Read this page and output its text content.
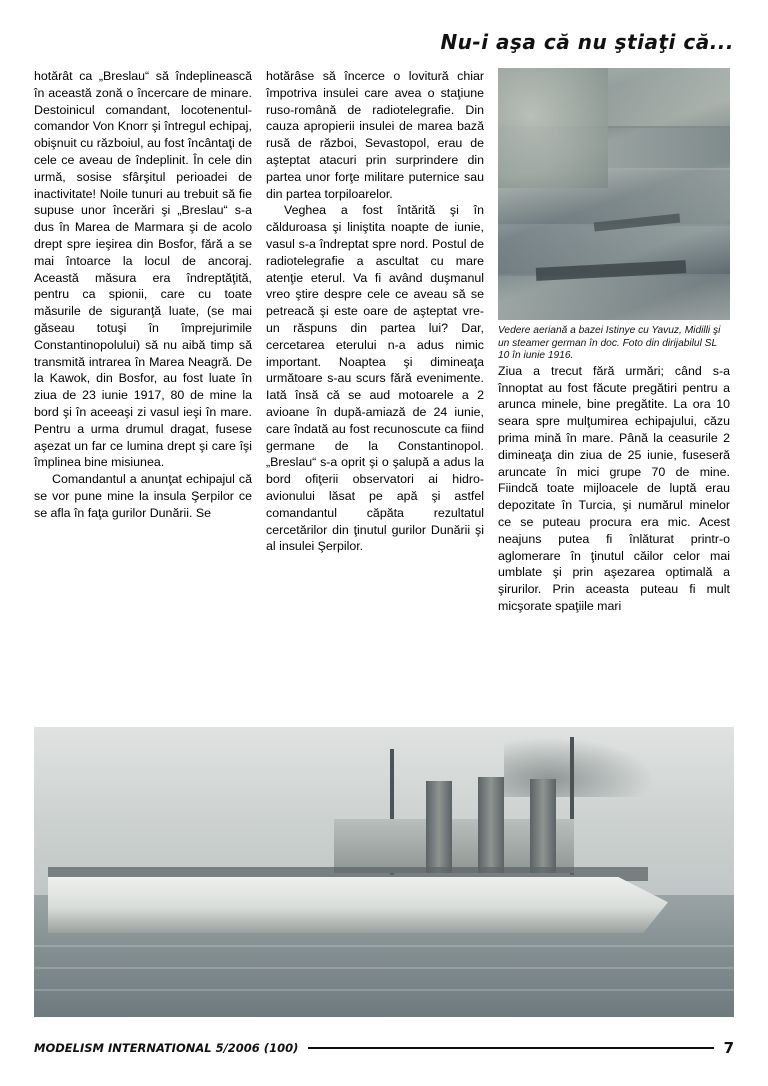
Nu-i aşa că nu ştiaţi că...

hotărât ca „Breslau“ să îndeplinească în această zonă o încercare de minare. Destoinicul comandant, locotenentul-comandor Von Knorr şi întregul echipaj, obişnuit cu războiul, au fost încântaţi de cele ce aveau de îndeplinit. În cele din urmă, sosise sfârşitul perioadei de inactivitate! Noile tunuri au trebuit să fie supuse unor încerări şi „Breslau“ s-a dus în Marea de Marmara şi de acolo drept spre ieşirea din Bosfor, fără a se mai întoarce la locul de ancoraj. Această măsura era îndreptăţită, pentru ca spionii, care cu toate măsurile de siguranţă luate, (se mai găseau totuşi în împrejurimile Constantinopolului) să nu aibă timp să transmită intrarea în Marea Neagră. De la Kawok, din Bosfor, au fost luate în ziua de 23 iunie 1917, 80 de mine la bord şi în aceeaşi zi vasul ieşi în mare. Pentru a urma drumul dragat, fusese aşezat un far ce lumina drept şi care îşi împlinea bine misiunea.

Comandantul a anunţat echipajul că se vor pune mine la insula Şerpilor ce se afla în faţa gurilor Dunării. Se

hotărâse să încerce o lovitură chiar împotriva insulei care avea o staţiune ruso-română de radiotelegrafie. Din cauza apropierii insulei de marea bază rusă de război, Sevastopol, erau de aşteptat atacuri prin surprindere din partea unor forţe militare puternice sau din partea torpiloarelor.

Veghea a fost întărită şi în călduroasa şi liniştita noapte de iunie, vasul s-a îndreptat spre nord. Postul de radiotelegrafie a ascultat cu mare atenţie eterul. Va fi având duşmanul vreo ştire despre cele ce aveau să se petreacă şi este oare de aşteptat vre-un răspuns din partea lui? Dar, cercetarea eterului n-a adus nimic important. Noaptea şi dimineaţa următoare s-au scurs fără evenimente. Iată însă că se aud motoarele a 2 avioane în după-amiază de 24 iunie, care îndată au fost recunoscute ca fiind germane de la Constantinopol. „Breslau“ s-a oprit şi o şalupă a adus la bord ofiţerii observatori ai hidro-avionului lăsat pe apă şi astfel comandantul căpăta rezultatul cercetărilor din ţinutul gurilor Dunării şi al insulei Şerpilor.

Vedere aeriană a bazei Istinye cu Yavuz, Midilli şi un steamer german în doc. Foto din dirijabilul SL 10 în iunie 1916.

Ziua a trecut fără urmări; când s-a înnoptat au fost făcute pregătiri pentru a arunca minele, bine pregătite. La ora 10 seara spre mulţumirea echipajului, căzu prima mină în mare. Până la ceasurile 2 dimineaţa din ziua de 25 iunie, fuseseră aruncate în mici grupe 70 de mine. Fiindcă toate mijloacele de luptă erau depozitate în Turcia, şi numărul minelor ce se puteau procura era mic. Acest neajuns putea fi înlăturat printr-o aglomerare în ţinutul căilor celor mai umblate şi prin aşezarea optimală a şirurilor. Prin aceasta puteau fi mult micşorate spaţiile mari

MODELISM INTERNATIONAL 5/2006 (100)	7
